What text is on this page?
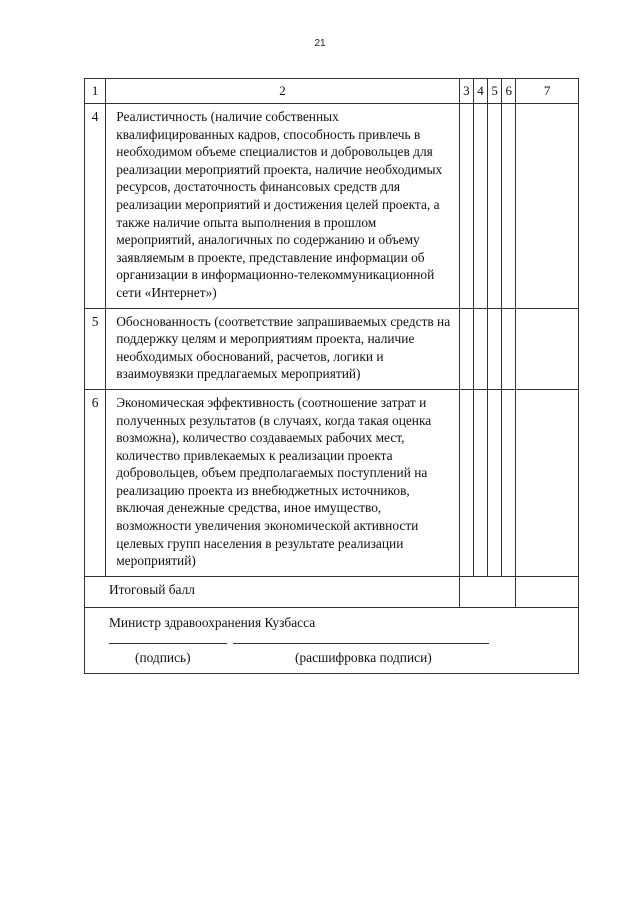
21
1	2	3	4	5	6	7
4	Реалистичность (наличие собственных квалифицированных кадров, способность привлечь в необходимом объеме специалистов и добровольцев для реализации мероприятий проекта, наличие необходимых ресурсов, достаточность финансовых средств для реализации мероприятий и достижения целей проекта, а также наличие опыта выполнения в прошлом мероприятий, аналогичных по содержанию и объему заявляемым в проекте, представление информации об организации в информационно-телекоммуникационной сети «Интернет»)					
5	Обоснованность (соответствие запрашиваемых средств на поддержку целям и мероприятиям проекта, наличие необходимых обоснований, расчетов, логики и взаимоувязки предлагаемых мероприятий)					
6	Экономическая эффективность (соотношение затрат и полученных результатов (в случаях, когда такая оценка возможна), количество создаваемых рабочих мест, количество привлекаемых к реализации проекта добровольцев, объем предполагаемых поступлений на реализацию проекта из внебюджетных источников, включая денежные средства, иное имущество, возможности увеличения экономической активности целевых групп населения в результате реализации мероприятий)					
Итоговый балл						

Министр здравоохранения Кузбасса
(подпись) (расшифровка подписи)						
